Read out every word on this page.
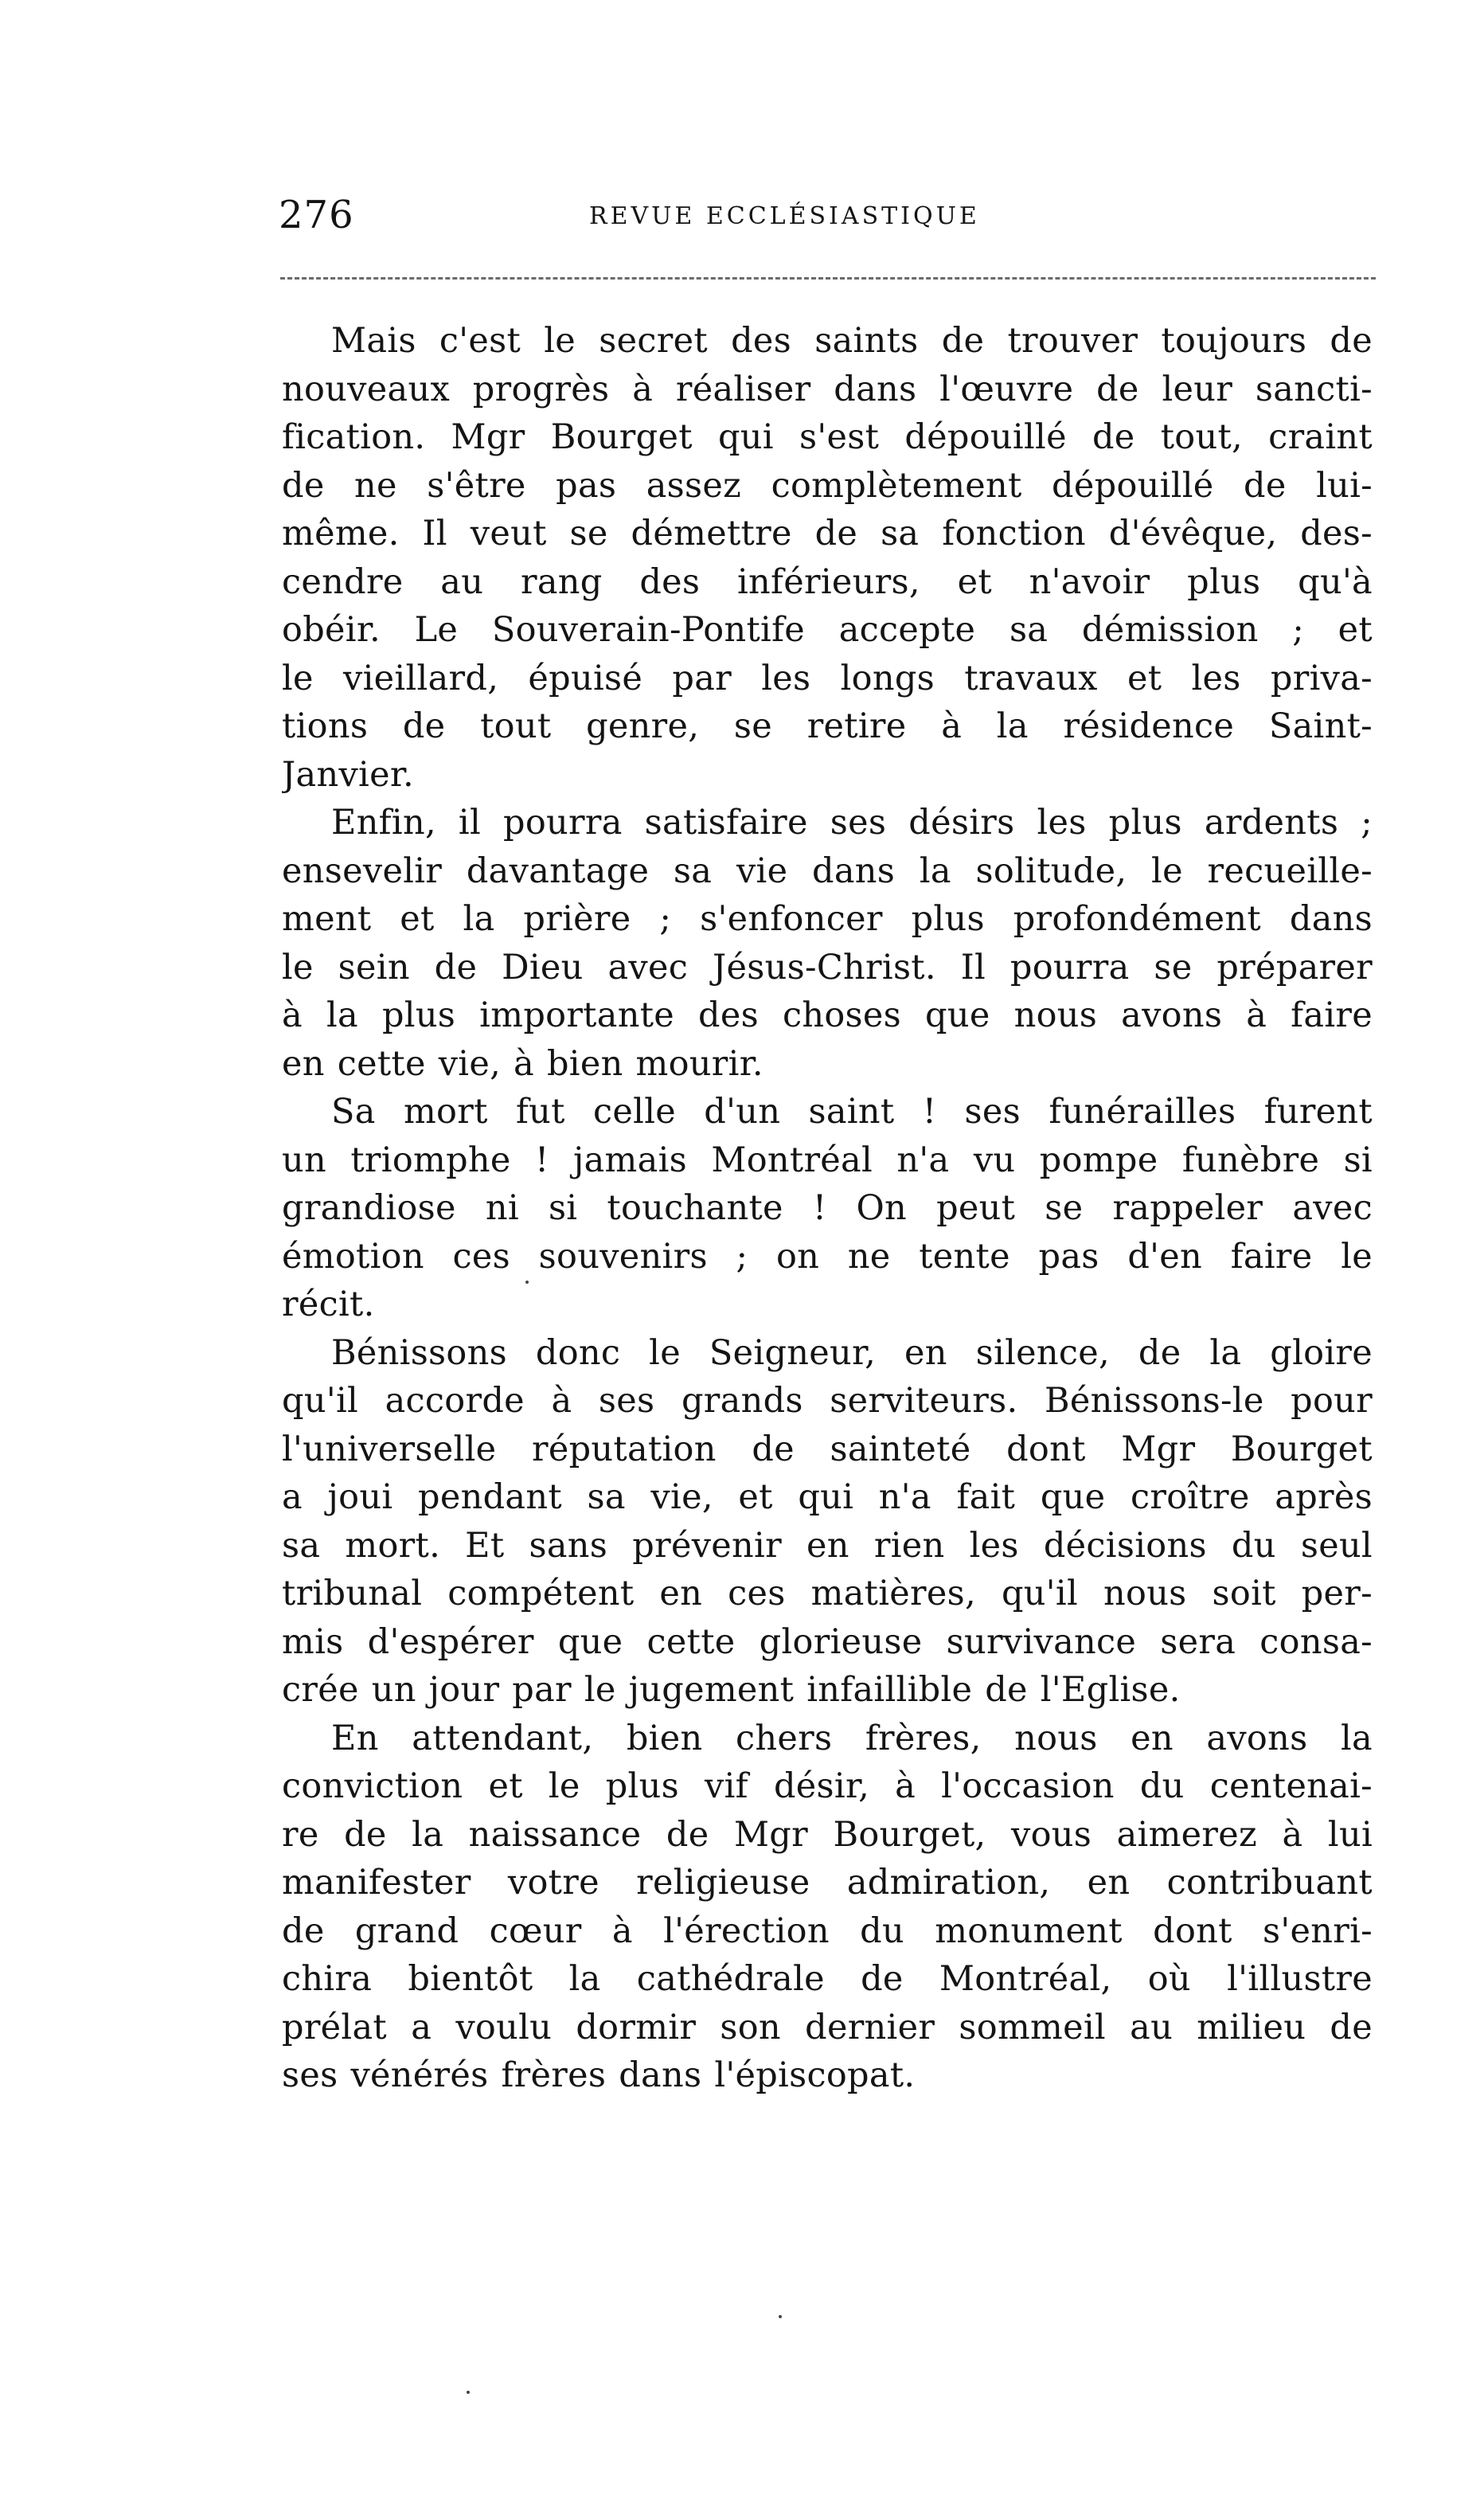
276	REVUE ECCLÉSIASTIQUE
Mais c'est le secret des saints de trouver toujours de
nouveaux progrès à réaliser dans l'œuvre de leur sancti-
fication. Mgr Bourget qui s'est dépouillé de tout, craint
de ne s'être pas assez complètement dépouillé de lui-
même. Il veut se démettre de sa fonction d'évêque, des-
cendre au rang des inférieurs, et n'avoir plus qu'à
obéir. Le Souverain-Pontife accepte sa démission ; et
le vieillard, épuisé par les longs travaux et les priva-
tions de tout genre, se retire à la résidence Saint-
Janvier.
Enfin, il pourra satisfaire ses désirs les plus ardents ;
ensevelir davantage sa vie dans la solitude, le recueille-
ment et la prière ; s'enfoncer plus profondément dans
le sein de Dieu avec Jésus-Christ. Il pourra se préparer
à la plus importante des choses que nous avons à faire
en cette vie, à bien mourir.
Sa mort fut celle d'un saint ! ses funérailles furent
un triomphe ! jamais Montréal n'a vu pompe funèbre si
grandiose ni si touchante ! On peut se rappeler avec
émotion ces souvenirs ; on ne tente pas d'en faire le
récit.
Bénissons donc le Seigneur, en silence, de la gloire
qu'il accorde à ses grands serviteurs. Bénissons-le pour
l'universelle réputation de sainteté dont Mgr Bourget
a joui pendant sa vie, et qui n'a fait que croître après
sa mort. Et sans prévenir en rien les décisions du seul
tribunal compétent en ces matières, qu'il nous soit per-
mis d'espérer que cette glorieuse survivance sera consa-
crée un jour par le jugement infaillible de l'Eglise.
En attendant, bien chers frères, nous en avons la
conviction et le plus vif désir, à l'occasion du centenai-
re de la naissance de Mgr Bourget, vous aimerez à lui
manifester votre religieuse admiration, en contribuant
de grand cœur à l'érection du monument dont s'enri-
chira bientôt la cathédrale de Montréal, où l'illustre
prélat a voulu dormir son dernier sommeil au milieu de
ses vénérés frères dans l'épiscopat.
